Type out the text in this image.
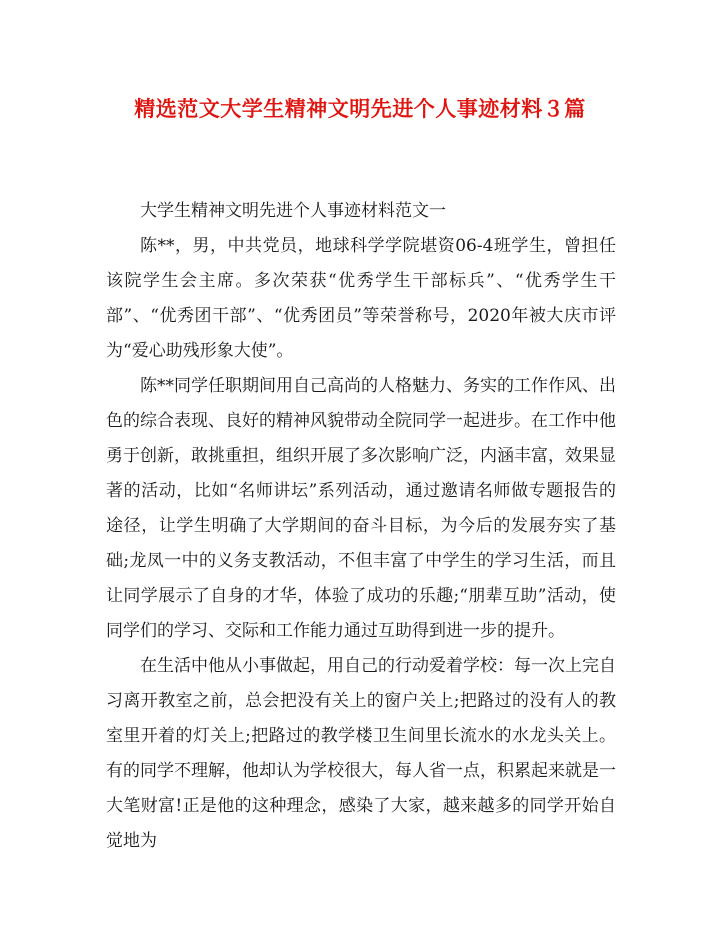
精选范文大学生精神文明先进个人事迹材料３篇

大学生精神文明先进个人事迹材料范文一

陈**，男，中共党员，地球科学学院堪资06-4班学生，曾担任该院学生会主席。多次荣获“优秀学生干部标兵”、“优秀学生干部”、“优秀团干部”、“优秀团员”等荣誉称号，2020年被大庆市评为“爱心助残形象大使”。

陈**同学任职期间用自己高尚的人格魅力、务实的工作作风、出色的综合表现、良好的精神风貌带动全院同学一起进步。在工作中他勇于创新，敢挑重担，组织开展了多次影响广泛，内涵丰富，效果显著的活动，比如“名师讲坛”系列活动，通过邀请名师做专题报告的途径，让学生明确了大学期间的奋斗目标，为今后的发展夯实了基础;龙凤一中的义务支教活动，不但丰富了中学生的学习生活，而且让同学展示了自身的才华，体验了成功的乐趣;“朋辈互助”活动，使同学们的学习、交际和工作能力通过互助得到进一步的提升。

在生活中他从小事做起，用自己的行动爱着学校：每一次上完自习离开教室之前，总会把没有关上的窗户关上;把路过的没有人的教室里开着的灯关上;把路过的教学楼卫生间里长流水的水龙头关上。有的同学不理解，他却认为学校很大，每人省一点，积累起来就是一大笔财富!正是他的这种理念，感染了大家，越来越多的同学开始自觉地为
